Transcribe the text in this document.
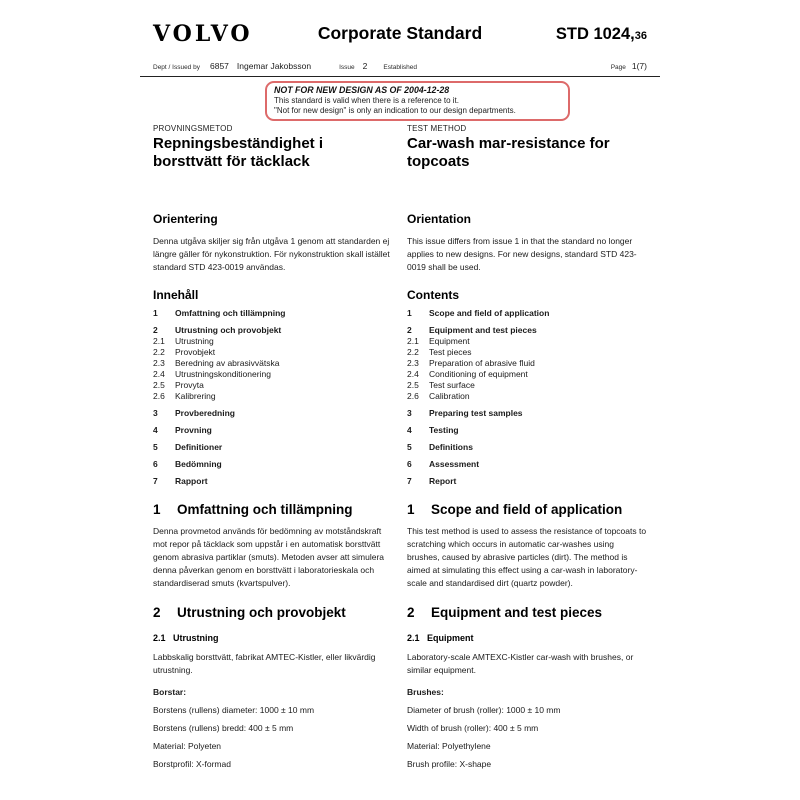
VOLVO	Corporate Standard	STD 1024,36
Dept / Issued by 6857 Ingemar Jakobsson	Issue 2 Established	Page 1(7)
NOT FOR NEW DESIGN AS OF 2004-12-28
This standard is valid when there is a reference to it.
"Not for new design" is only an indication to our design departments.
PROVNINGSMETOD
Repningsbeständighet i borsttvätt för täcklack
TEST METHOD
Car-wash mar-resistance for topcoats
Orientering

Denna utgåva skiljer sig från utgåva 1 genom att standarden ej längre gäller för nykonstruktion. För nykonstruktion skall istället standard STD 423-0019 användas.

Orientation

This issue differs from issue 1 in that the standard no longer applies to new designs. For new designs, standard STD 423-0019 shall be used.

Innehåll
1	Omfattning och tillämpning
2	Utrustning och provobjekt
2.1	Utrustning
2.2	Provobjekt
2.3	Beredning av abrasivvätska
2.4	Utrustningskonditionering
2.5	Provyta
2.6	Kalibrering
3	Provberedning
4	Provning
5	Definitioner
6	Bedömning
7	Rapport
Contents
1	Scope and field of application
2	Equipment and test pieces
2.1	Equipment
2.2	Test pieces
2.3	Preparation of abrasive fluid
2.4	Conditioning of equipment
2.5	Test surface
2.6	Calibration
3	Preparing test samples
4	Testing
5	Definitions
6	Assessment
7	Report
1	Omfattning och tillämpning

Denna provmetod används för bedömning av motståndskraft mot repor på täcklack som uppstår i en automatisk borsttvätt genom abrasiva partiklar (smuts). Metoden avser att simulera denna påverkan genom en borsttvätt i laboratorieskala och standardiserad smuts (kvartspulver).

1	Scope and field of application

This test method is used to assess the resistance of topcoats to scratching which occurs in automatic car-washes using brushes, caused by abrasive particles (dirt). The method is aimed at simulating this effect using a car-wash in laboratory-scale and standardised dirt (quartz powder).

2	Utrustning och provobjekt
2.1 Utrustning

Labbskalig borsttvätt, fabrikat AMTEC-Kistler, eller likvärdig utrustning.

Borstar:

Borstens (rullens) diameter: 1000 ± 10 mm

Borstens (rullens) bredd: 400 ± 5 mm

Material: Polyeten

Borstprofil: X-formad

2	Equipment and test pieces
2.1 Equipment

Laboratory-scale AMTEXC-Kistler car-wash with brushes, or similar equipment.

Brushes:

Diameter of brush (roller): 1000 ± 10 mm

Width of brush (roller): 400 ± 5 mm

Material: Polyethylene

Brush profile: X-shape
